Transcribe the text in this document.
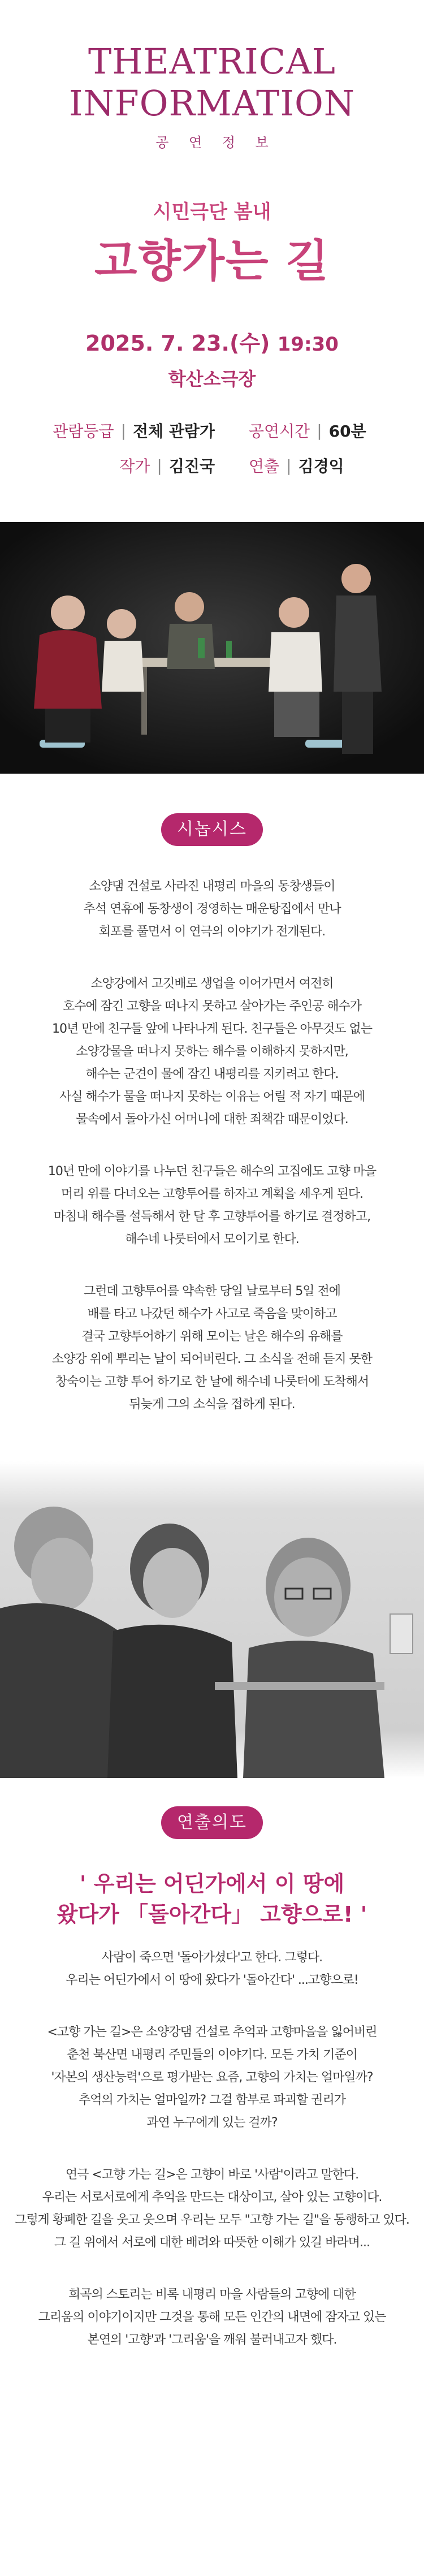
THEATRICAL
INFORMATION
공 연 정 보
시민극단 봄내
고향가는 길
2025. 7. 23.(수) 19:30
학산소극장
관람등급 | 전체 관람가 공연시간 | 60분
작가 | 김진국 연출 | 김경익
시놉시스
소양댐 건설로 사라진 내평리 마을의 동창생들이
추석 연휴에 동창생이 경영하는 매운탕집에서 만나
회포를 풀면서 이 연극의 이야기가 전개된다.
소양강에서 고깃배로 생업을 이어가면서 여전히
호수에 잠긴 고향을 떠나지 못하고 살아가는 주인공 해수가
10년 만에 친구들 앞에 나타나게 된다. 친구들은 아무것도 없는
소양강물을 떠나지 못하는 해수를 이해하지 못하지만,
해수는 군견이 물에 잠긴 내평리를 지키려고 한다.
사실 해수가 물을 떠나지 못하는 이유는 어릴 적 자기 때문에
물속에서 돌아가신 어머니에 대한 죄책감 때문이었다.
10년 만에 이야기를 나누던 친구들은 해수의 고집에도 고향 마을
머리 위를 다녀오는 고향투어를 하자고 계획을 세우게 된다.
마침내 해수를 설득해서 한 달 후 고향투어를 하기로 결정하고,
해수네 나룻터에서 모이기로 한다.
그런데 고향투어를 약속한 당일 날로부터 5일 전에
배를 타고 나갔던 해수가 사고로 죽음을 맞이하고
결국 고향투어하기 위해 모이는 날은 해수의 유해를
소양강 위에 뿌리는 날이 되어버린다. 그 소식을 전해 듣지 못한
창숙이는 고향 투어 하기로 한 날에 해수네 나룻터에 도착해서
뒤늦게 그의 소식을 접하게 된다.
연출의도
' 우리는 어딘가에서 이 땅에
왔다가 「돌아간다」 고향으로! '
사람이 죽으면 '돌아가셨다'고 한다. 그렇다.
우리는 어딘가에서 이 땅에 왔다가 '돌아간다' ...고향으로!
<고향 가는 길>은 소양강댐 건설로 추억과 고향마을을 잃어버린
춘천 북산면 내평리 주민들의 이야기다. 모든 가치 기준이
'자본의 생산능력'으로 평가받는 요즘, 고향의 가치는 얼마일까?
추억의 가치는 얼마일까? 그걸 함부로 파괴할 권리가
과연 누구에게 있는 걸까?
연극 <고향 가는 길>은 고향이 바로 '사람'이라고 말한다.
우리는 서로서로에게 추억을 만드는 대상이고, 살아 있는 고향이다.
그렇게 황폐한 길을 웃고 웃으며 우리는 모두 "고향 가는 길"을 동행하고 있다.
그 길 위에서 서로에 대한 배려와 따뜻한 이해가 있길 바라며...
희곡의 스토리는 비록 내평리 마을 사람들의 고향에 대한
그리움의 이야기이지만 그것을 통해 모든 인간의 내면에 잠자고 있는
본연의 '고향'과 '그리움'을 깨워 불러내고자 했다.
